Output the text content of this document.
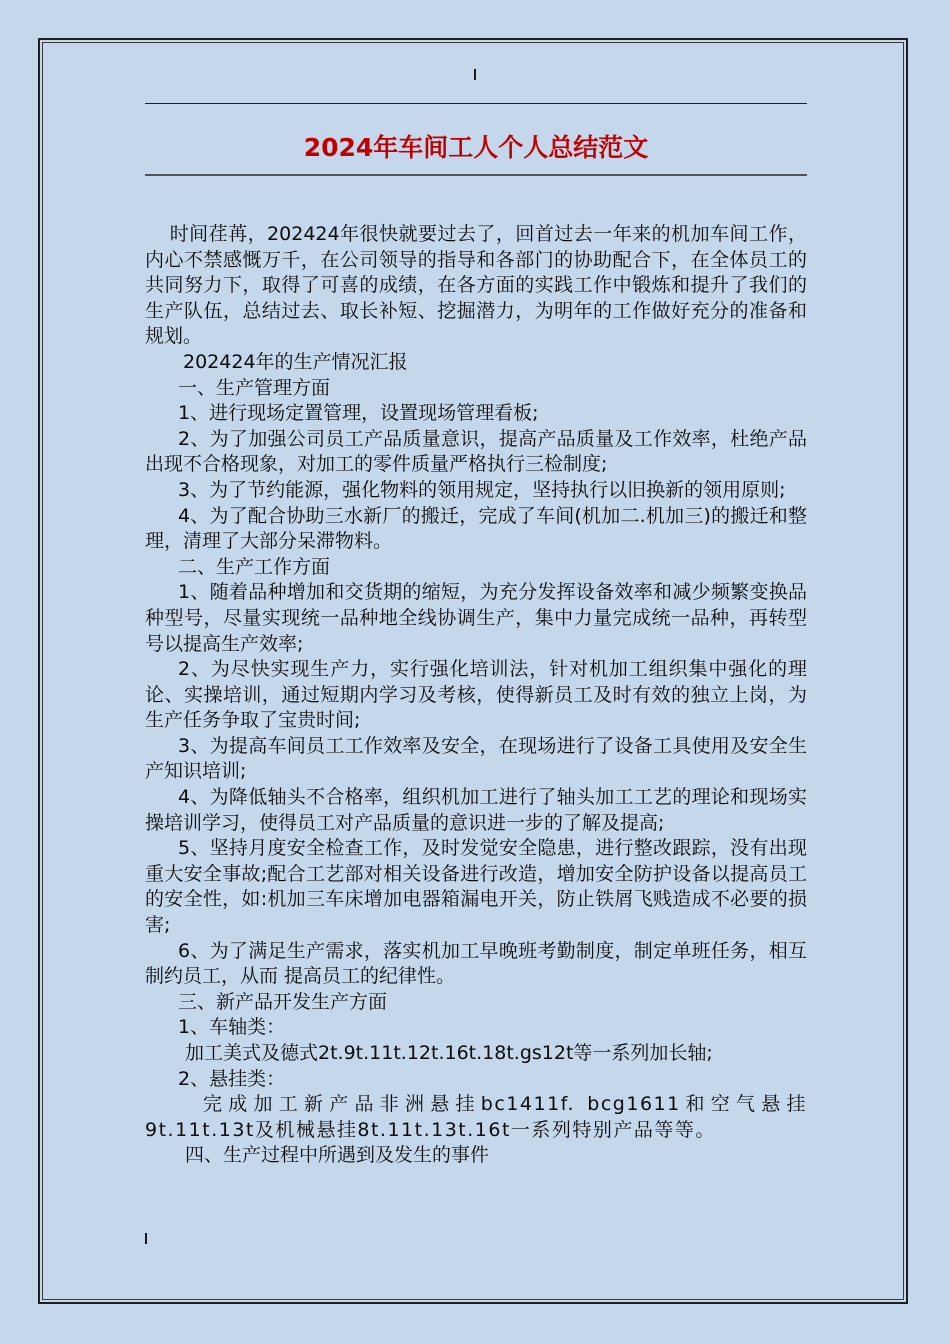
2024年车间工人个人总结范文

时间荏苒，202424年很快就要过去了，回首过去一年来的机加车间工作，内心不禁感慨万千，在公司领导的指导和各部门的协助配合下，在全体员工的共同努力下，取得了可喜的成绩，在各方面的实践工作中锻炼和提升了我们的生产队伍，总结过去、取长补短、挖掘潜力，为明年的工作做好充分的准备和规划。

202424年的生产情况汇报

一、生产管理方面

1、进行现场定置管理，设置现场管理看板;

2、为了加强公司员工产品质量意识，提高产品质量及工作效率，杜绝产品出现不合格现象，对加工的零件质量严格执行三检制度;

3、为了节约能源，强化物料的领用规定，坚持执行以旧换新的领用原则;

4、为了配合协助三水新厂的搬迁，完成了车间(机加二.机加三)的搬迁和整理，清理了大部分呆滞物料。

二、生产工作方面

1、随着品种增加和交货期的缩短，为充分发挥设备效率和减少频繁变换品种型号，尽量实现统一品种地全线协调生产，集中力量完成统一品种，再转型号以提高生产效率;

2、为尽快实现生产力，实行强化培训法，针对机加工组织集中强化的理论、实操培训，通过短期内学习及考核，使得新员工及时有效的独立上岗，为生产任务争取了宝贵时间;

3、为提高车间员工工作效率及安全，在现场进行了设备工具使用及安全生产知识培训;

4、为降低轴头不合格率，组织机加工进行了轴头加工工艺的理论和现场实操培训学习，使得员工对产品质量的意识进一步的了解及提高;

5、坚持月度安全检查工作，及时发觉安全隐患，进行整改跟踪，没有出现重大安全事故;配合工艺部对相关设备进行改造，增加安全防护设备以提高员工的安全性，如:机加三车床增加电器箱漏电开关，防止铁屑飞贱造成不必要的损害;

6、为了满足生产需求，落实机加工早晚班考勤制度，制定单班任务，相互制约员工，从而 提高员工的纪律性。

三、新产品开发生产方面

1、车轴类：

加工美式及德式2t.9t.11t.12t.16t.18t.gs12t等一系列加长轴;

2、悬挂类：

完成加工新产品非洲悬挂bc1411f. bcg1611和空气悬挂9t.11t.13t及机械悬挂8t.11t.13t.16t一系列特别产品等等。

四、生产过程中所遇到及发生的事件
